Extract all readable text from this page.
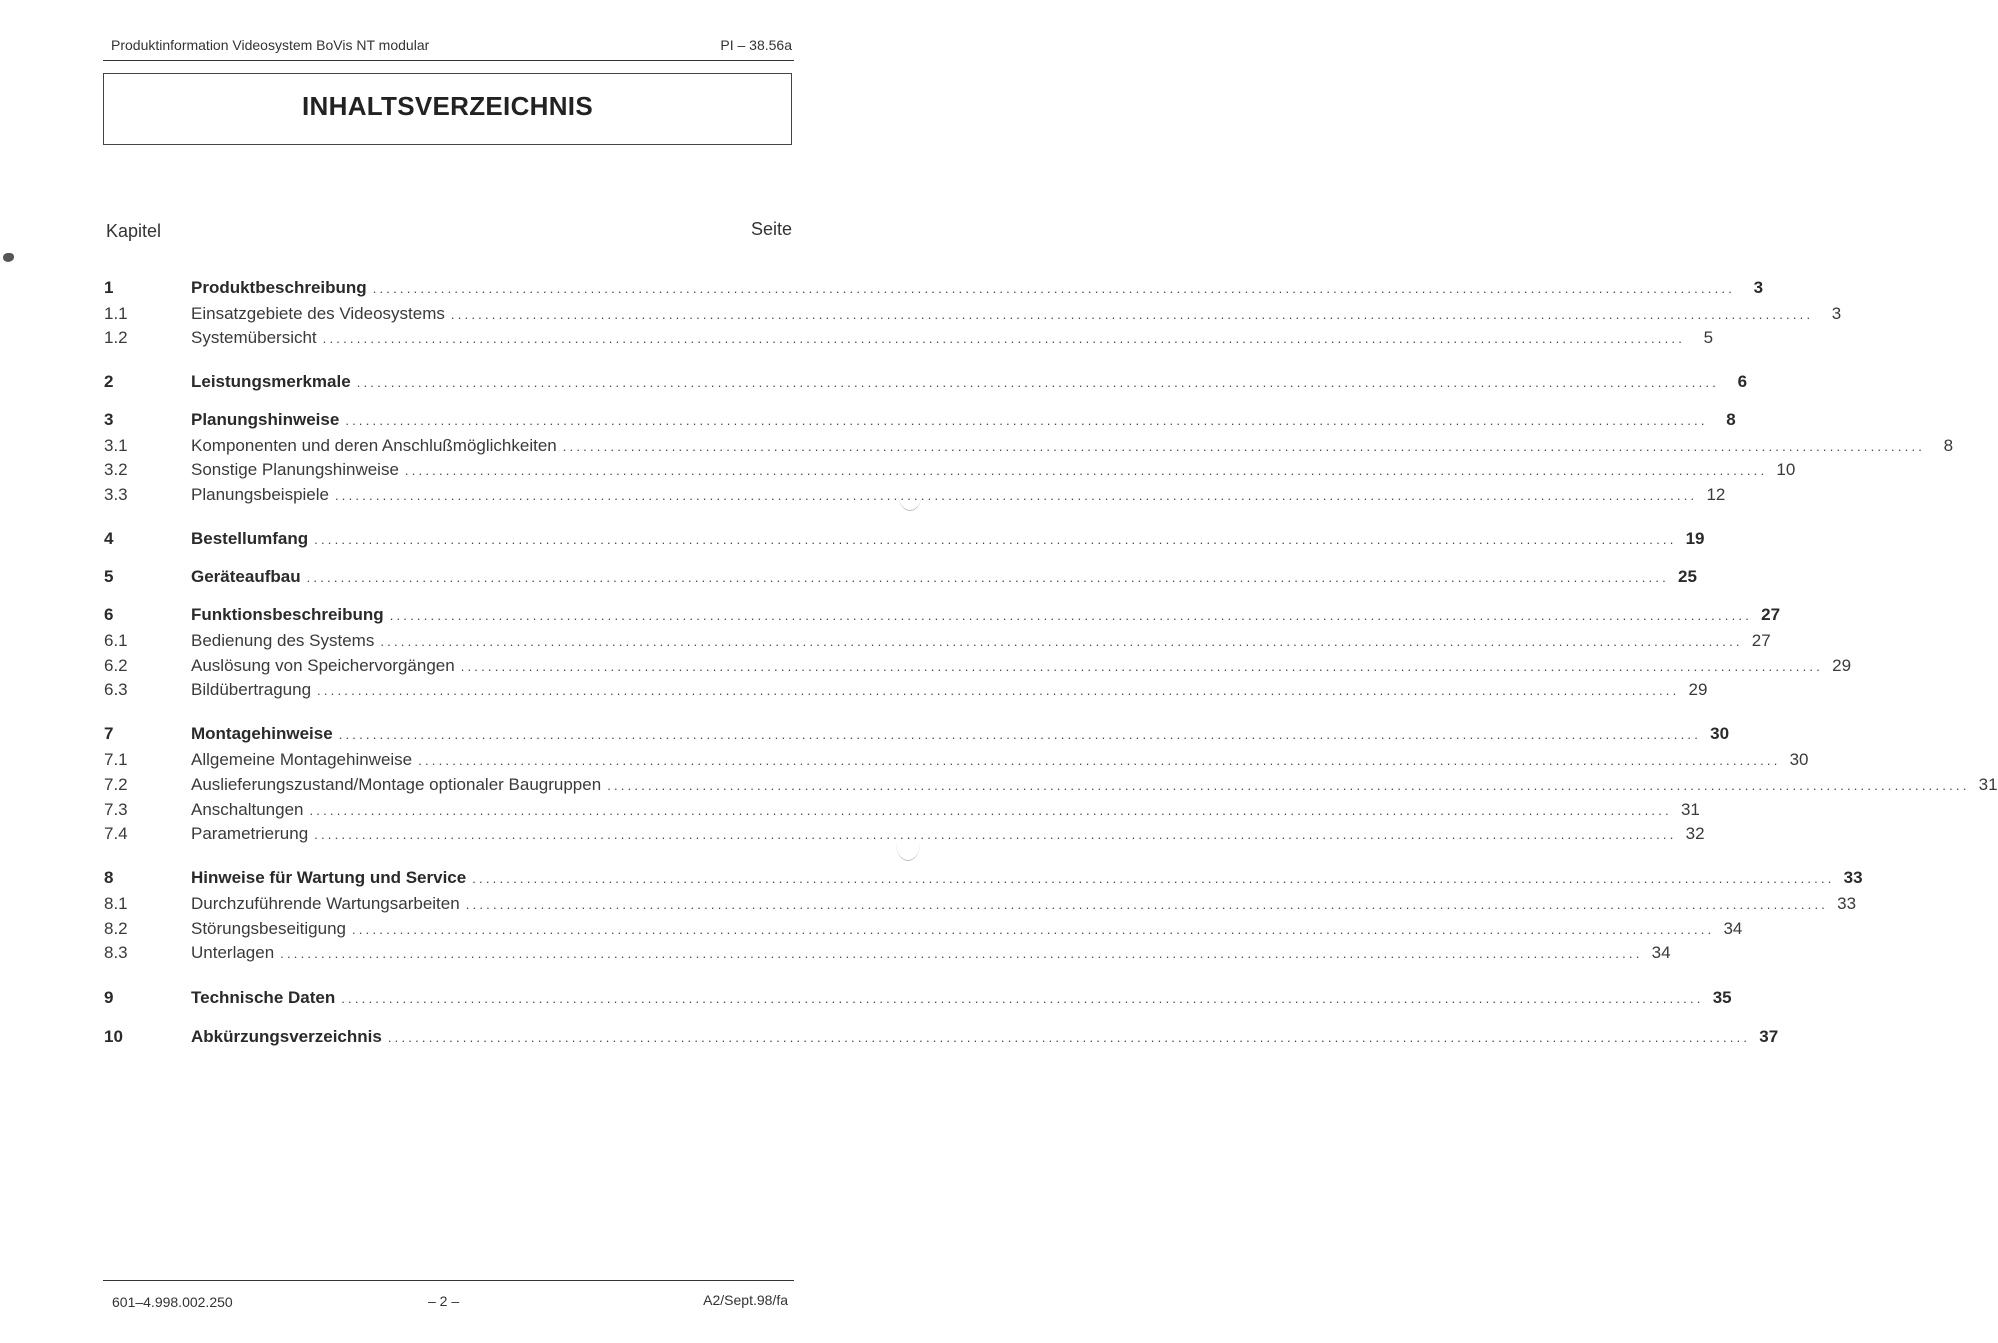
Produktinformation Videosystem BoVis NT modular	PI – 38.56a
INHALTSVERZEICHNIS
Kapitel	Seite
1	Produktbeschreibung ........................................................................................................................................................................................................	3
1.1	Einsatzgebiete des Videosystems ........................................................................................................................................................................................................	3
1.2	Systemübersicht ........................................................................................................................................................................................................	5
2	Leistungsmerkmale ........................................................................................................................................................................................................	6
3	Planungshinweise ........................................................................................................................................................................................................	8
3.1	Komponenten und deren Anschlußmöglichkeiten ........................................................................................................................................................................................................	8
3.2	Sonstige Planungshinweise ........................................................................................................................................................................................................ 10
3.3	Planungsbeispiele ........................................................................................................................................................................................................ 12
4	Bestellumfang ........................................................................................................................................................................................................ 19
5	Geräteaufbau ........................................................................................................................................................................................................ 25
6	Funktionsbeschreibung ........................................................................................................................................................................................................ 27
6.1	Bedienung des Systems ........................................................................................................................................................................................................ 27
6.2	Auslösung von Speichervorgängen ........................................................................................................................................................................................................ 29
6.3	Bildübertragung ........................................................................................................................................................................................................ 29
7	Montagehinweise ........................................................................................................................................................................................................ 30
7.1	Allgemeine Montagehinweise ........................................................................................................................................................................................................ 30
7.2	Auslieferungszustand/Montage optionaler Baugruppen ........................................................................................................................................................................................................ 31
7.3	Anschaltungen ........................................................................................................................................................................................................ 31
7.4	Parametrierung ........................................................................................................................................................................................................ 32
8	Hinweise für Wartung und Service ........................................................................................................................................................................................................ 33
8.1	Durchzuführende Wartungsarbeiten ........................................................................................................................................................................................................ 33
8.2	Störungsbeseitigung ........................................................................................................................................................................................................ 34
8.3	Unterlagen ........................................................................................................................................................................................................ 34
9	Technische Daten ........................................................................................................................................................................................................ 35
10	Abkürzungsverzeichnis ........................................................................................................................................................................................................ 37
601–4.998.002.250	– 2 –	A2/Sept.98/fa
